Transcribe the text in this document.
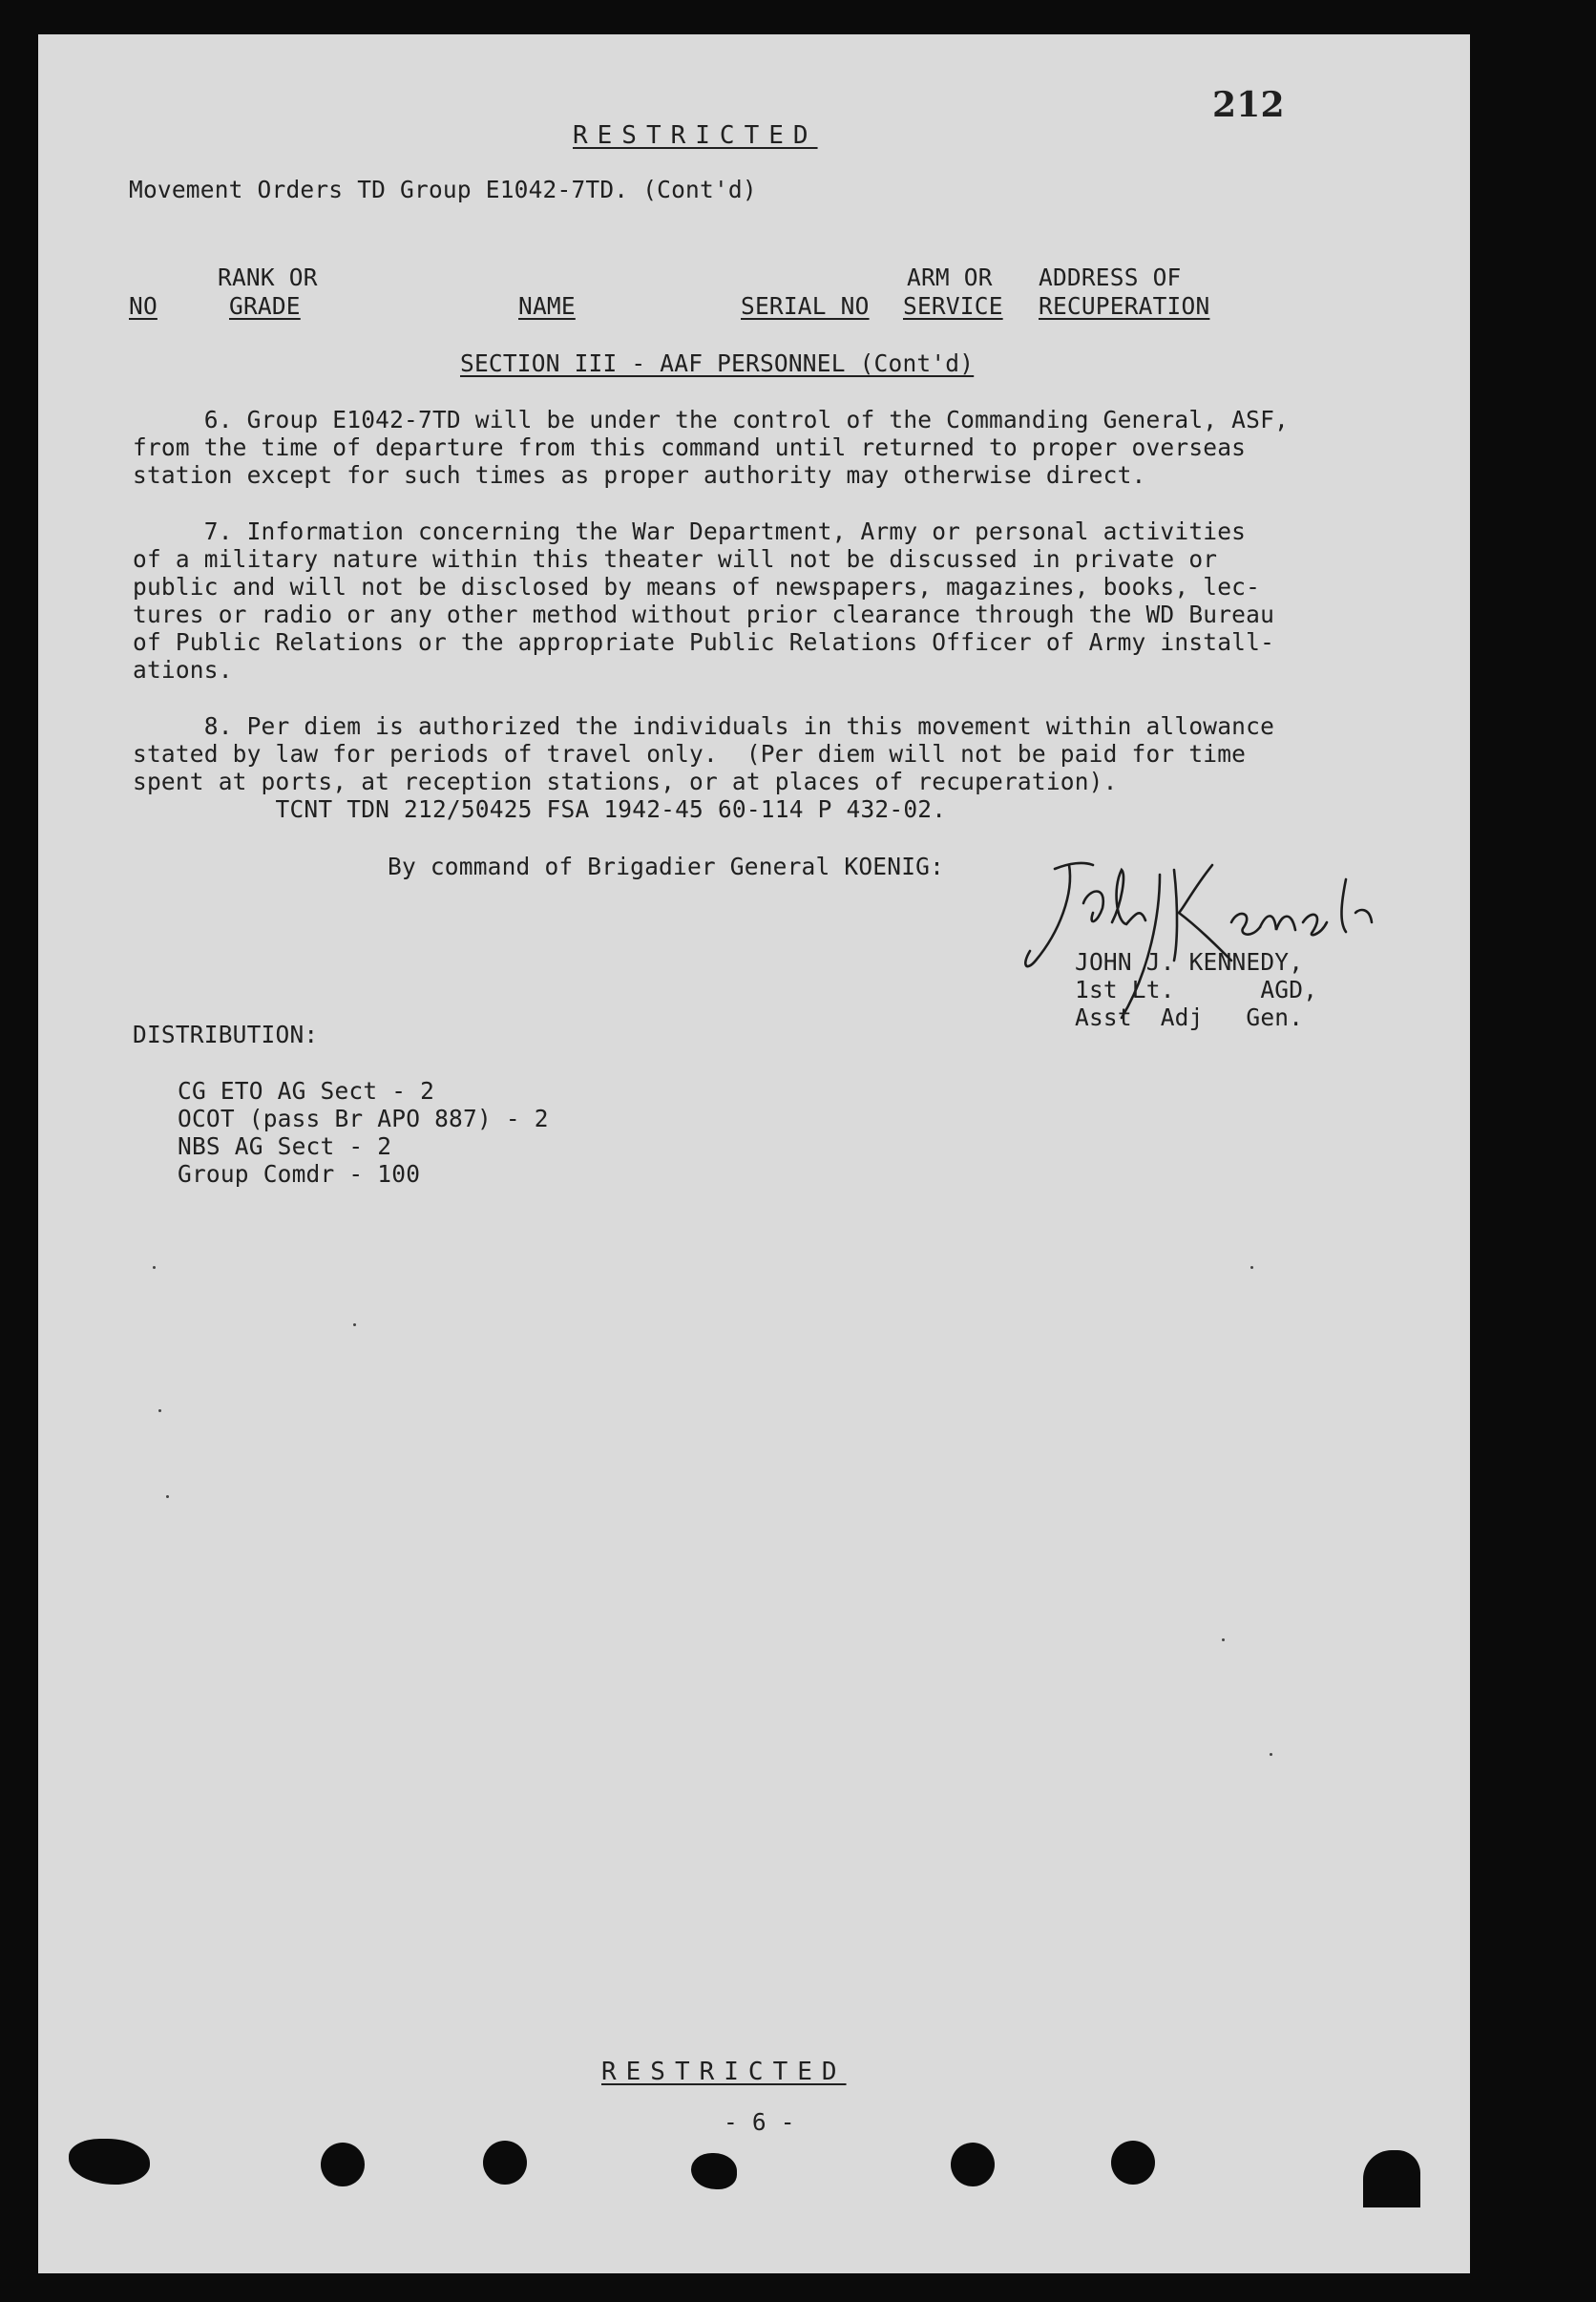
212
RESTRICTED
Movement Orders TD Group E1042-7TD. (Cont'd)
NO
RANK OR
GRADE	NAME	SERIAL NO
ARM OR
SERVICE
ADDRESS OF
RECUPERATION
SECTION III - AAF PERSONNEL (Cont'd)
6. Group E1042-7TD will be under the control of the Commanding General, ASF,
from the time of departure from this command until returned to proper overseas
station except for such times as proper authority may otherwise direct.
7. Information concerning the War Department, Army or personal activities
of a military nature within this theater will not be discussed in private or
public and will not be disclosed by means of newspapers, magazines, books, lec-
tures or radio or any other method without prior clearance through the WD Bureau
of Public Relations or the appropriate Public Relations Officer of Army install-
ations.
8. Per diem is authorized the individuals in this movement within allowance
stated by law for periods of travel only.  (Per diem will not be paid for time
spent at ports, at reception stations, or at places of recuperation).
TCNT TDN 212/50425 FSA 1942-45 60-114 P 432-02.
By command of Brigadier General KOENIG:
JOHN J. KENNEDY,
1st Lt.      AGD,
Asst  Adj   Gen.
DISTRIBUTION:
CG ETO AG Sect - 2
OCOT (pass Br APO 887) - 2
NBS AG Sect - 2
Group Comdr - 100
RESTRICTED
- 6 -
